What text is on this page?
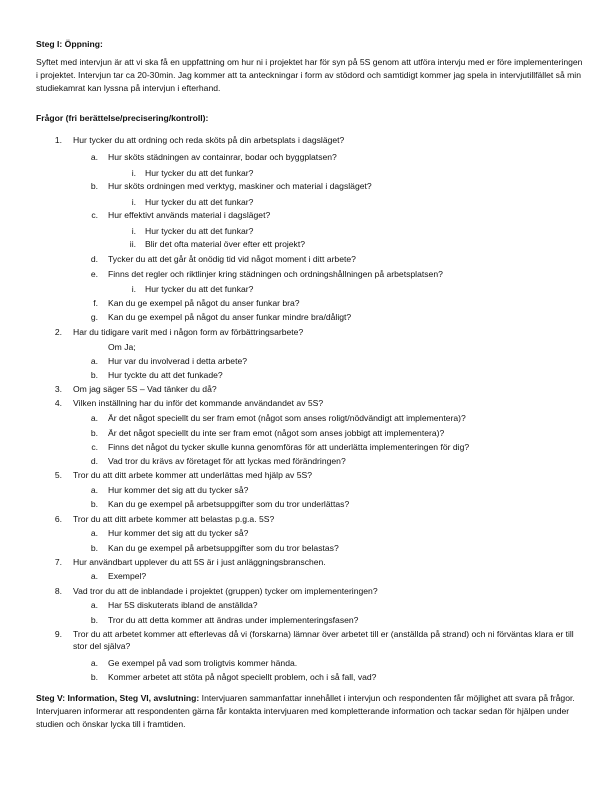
Steg I: Öppning:
Syftet med intervjun är att vi ska få en uppfattning om hur ni i projektet har för syn på 5S genom att utföra intervju med er före implementeringen i projektet. Intervjun tar ca 20-30min. Jag kommer att ta anteckningar i form av stödord och samtidigt kommer jag spela in intervjutillfället så min studiekamrat kan lyssna på intervjun i efterhand.
Frågor (fri berättelse/precisering/kontroll):
1. Hur tycker du att ordning och reda sköts på din arbetsplats i dagsläget?
a. Hur sköts städningen av containrar, bodar och byggplatsen?
i. Hur tycker du att det funkar?
b. Hur sköts ordningen med verktyg, maskiner och material i dagsläget?
i. Hur tycker du att det funkar?
c. Hur effektivt används material i dagsläget?
i. Hur tycker du att det funkar?
ii. Blir det ofta material över efter ett projekt?
d. Tycker du att det går åt onödig tid vid något moment i ditt arbete?
e. Finns det regler och riktlinjer kring städningen och ordningshållningen på arbetsplatsen?
i. Hur tycker du att det funkar?
f. Kan du ge exempel på något du anser funkar bra?
g. Kan du ge exempel på något du anser funkar mindre bra/dåligt?
2. Har du tidigare varit med i någon form av förbättringsarbete?
Om Ja;
a. Hur var du involverad i detta arbete?
b. Hur tyckte du att det funkade?
3. Om jag säger 5S – Vad tänker du då?
4. Vilken inställning har du inför det kommande användandet av 5S?
a. Är det något speciellt du ser fram emot (något som anses roligt/nödvändigt att implementera)?
b. Är det något speciellt du inte ser fram emot (något som anses jobbigt att implementera)?
c. Finns det något du tycker skulle kunna genomföras för att underlätta implementeringen för dig?
d. Vad tror du krävs av företaget för att lyckas med förändringen?
5. Tror du att ditt arbete kommer att underlättas med hjälp av 5S?
a. Hur kommer det sig att du tycker så?
b. Kan du ge exempel på arbetsuppgifter som du tror underlättas?
6. Tror du att ditt arbete kommer att belastas p.g.a. 5S?
a. Hur kommer det sig att du tycker så?
b. Kan du ge exempel på arbetsuppgifter som du tror belastas?
7. Hur användbart upplever du att 5S är i just anläggningsbranschen.
a. Exempel?
8. Vad tror du att de inblandade i projektet (gruppen) tycker om implementeringen?
a. Har 5S diskuterats ibland de anställda?
b. Tror du att detta kommer att ändras under implementeringsfasen?
9. Tror du att arbetet kommer att efterlevas då vi (forskarna) lämnar över arbetet till er (anställda på strand) och ni förväntas klara er till stor del själva?
a. Ge exempel på vad som troligtvis kommer hända.
b. Kommer arbetet att stöta på något speciellt problem, och i så fall, vad?
Steg V: Information, Steg VI, avslutning: Intervjuaren sammanfattar innehållet i intervjun och respondenten får möjlighet att svara på frågor. Intervjuaren informerar att respondenten gärna får kontakta intervjuaren med kompletterande information och tackar sedan för hjälpen under studien och önskar lycka till i framtiden.
